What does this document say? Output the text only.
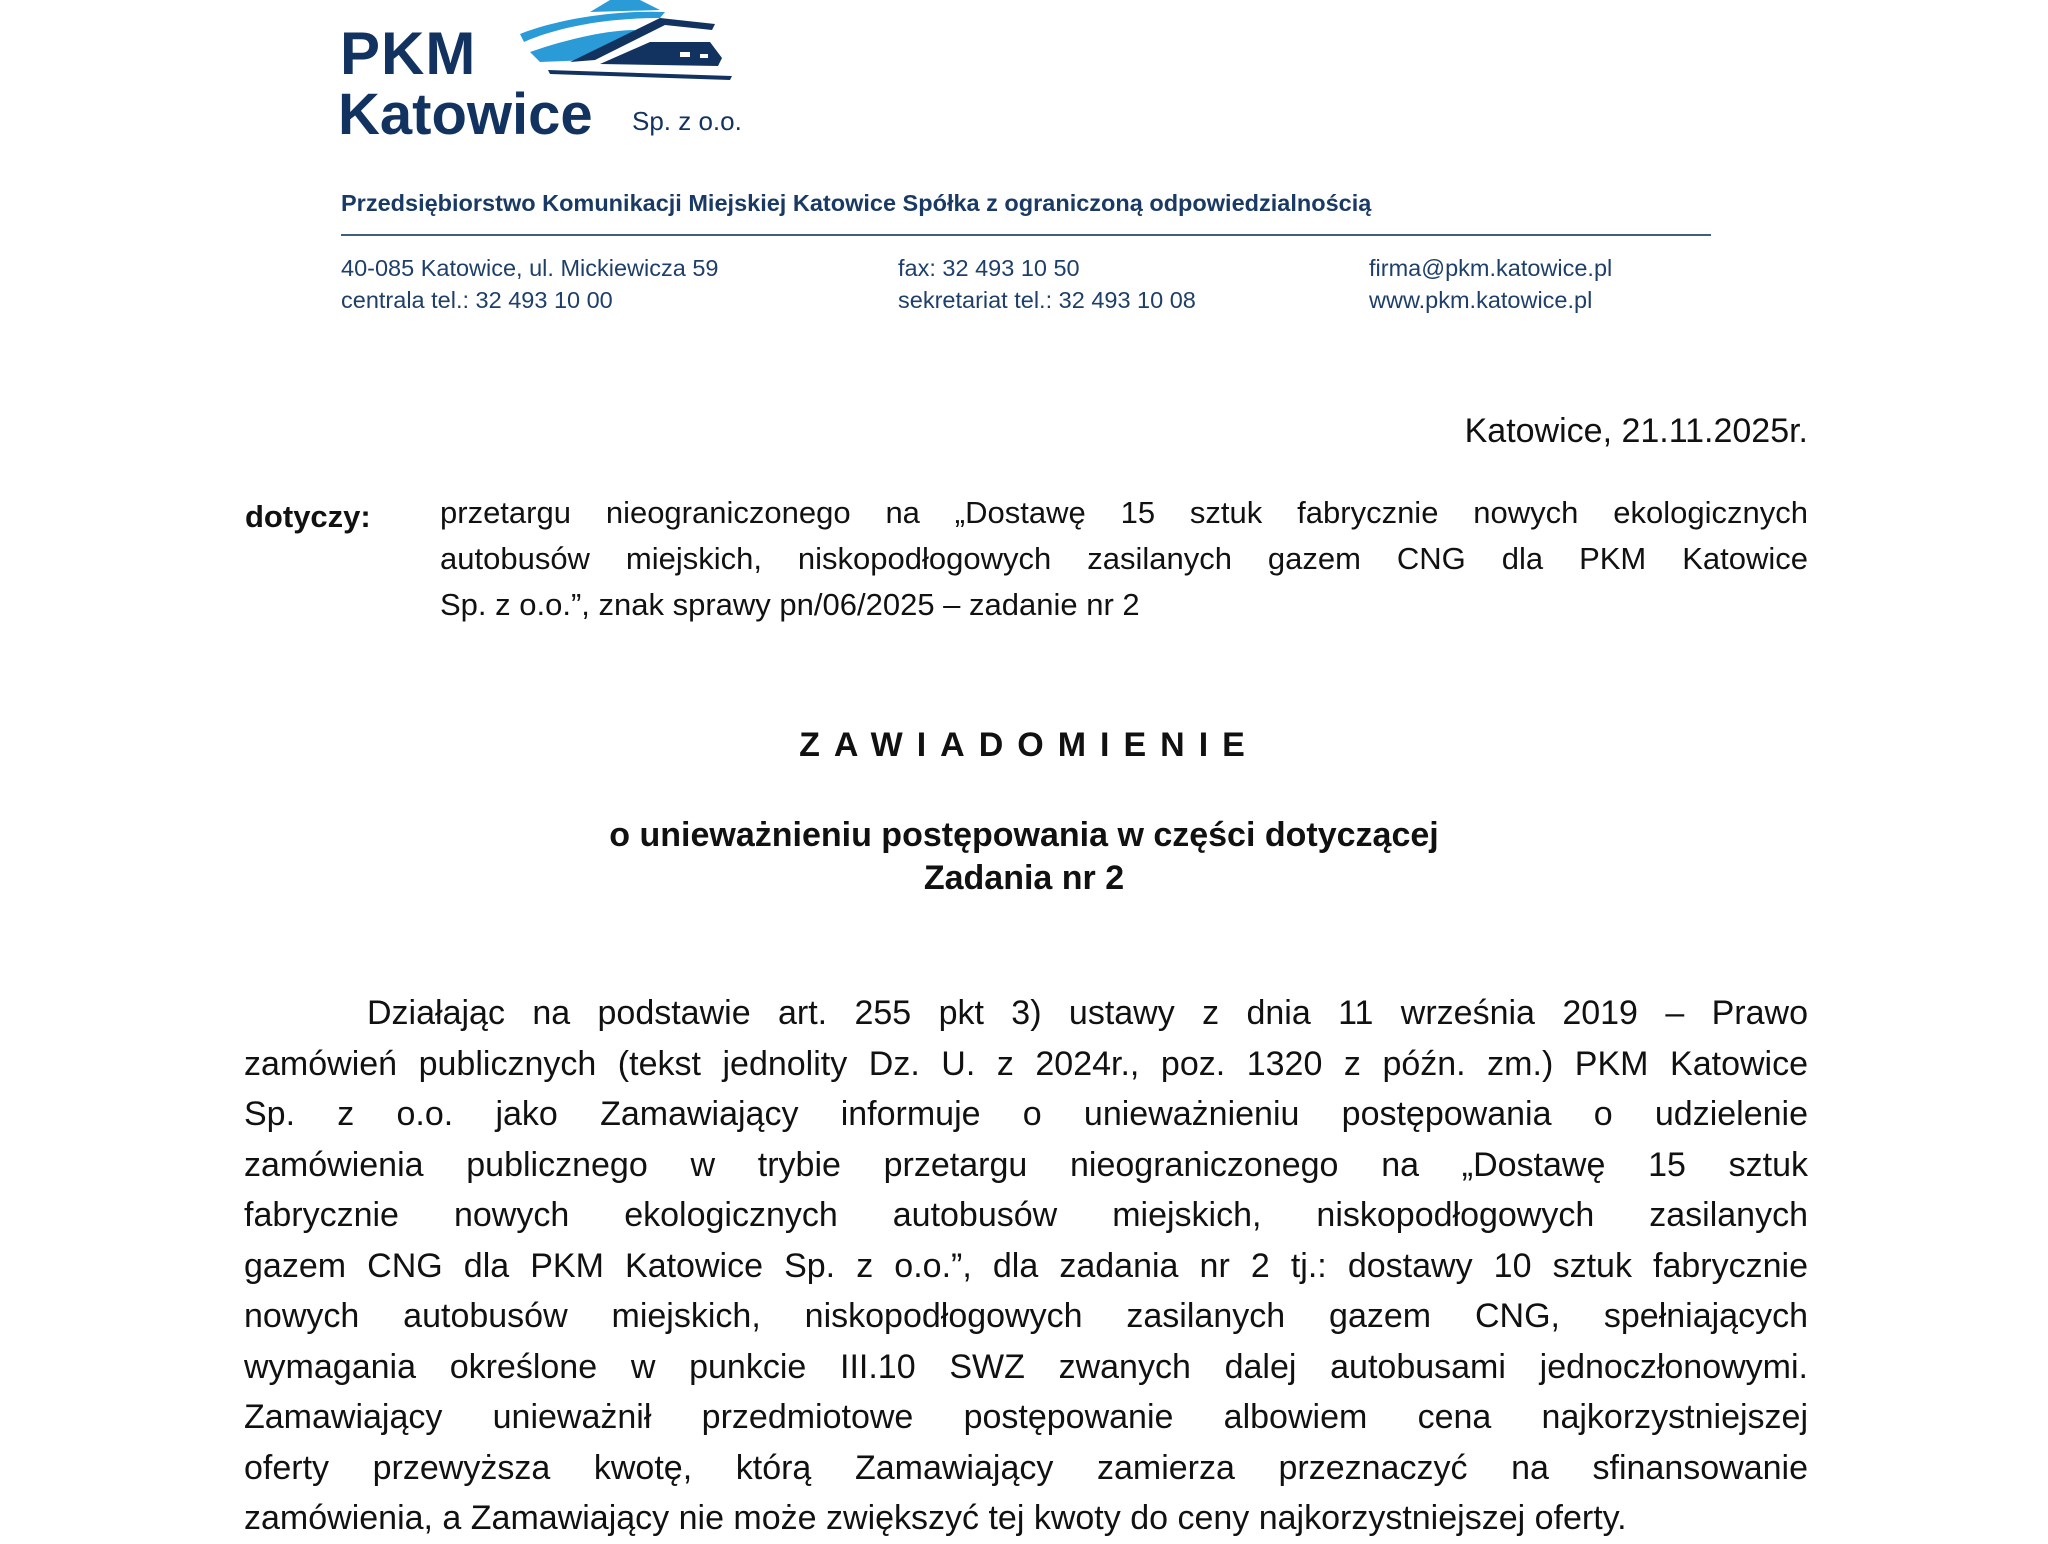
PKM
Katowice Sp. z o.o.
Przedsiębiorstwo Komunikacji Miejskiej Katowice Spółka z ograniczoną odpowiedzialnością
40-085 Katowice, ul. Mickiewicza 59
centrala tel.: 32 493 10 00
fax: 32 493 10 50
sekretariat tel.: 32 493 10 08
firma@pkm.katowice.pl
www.pkm.katowice.pl
Katowice, 21.11.2025r.
dotyczy: przetargu nieograniczonego na „Dostawę 15 sztuk fabrycznie nowych ekologicznych
autobusów miejskich, niskopodłogowych zasilanych gazem CNG dla PKM Katowice
Sp. z o.o.”, znak sprawy pn/06/2025 – zadanie nr 2
ZAWIADOMIENIE
o unieważnieniu postępowania w części dotyczącej
Zadania nr 2
Działając na podstawie art. 255 pkt 3) ustawy z dnia 11 września 2019 – Prawo
zamówień publicznych (tekst jednolity Dz. U. z 2024r., poz. 1320 z późn. zm.) PKM Katowice
Sp. z o.o. jako Zamawiający informuje o unieważnieniu postępowania o udzielenie
zamówienia publicznego w trybie przetargu nieograniczonego na „Dostawę 15 sztuk
fabrycznie nowych ekologicznych autobusów miejskich, niskopodłogowych zasilanych
gazem CNG dla PKM Katowice Sp. z o.o.”, dla zadania nr 2 tj.: dostawy 10 sztuk fabrycznie
nowych autobusów miejskich, niskopodłogowych zasilanych gazem CNG, spełniających
wymagania określone w punkcie III.10 SWZ zwanych dalej autobusami jednoczłonowymi.
Zamawiający unieważnił przedmiotowe postępowanie albowiem cena najkorzystniejszej
oferty przewyższa kwotę, którą Zamawiający zamierza przeznaczyć na sfinansowanie
zamówienia, a Zamawiający nie może zwiększyć tej kwoty do ceny najkorzystniejszej oferty.
